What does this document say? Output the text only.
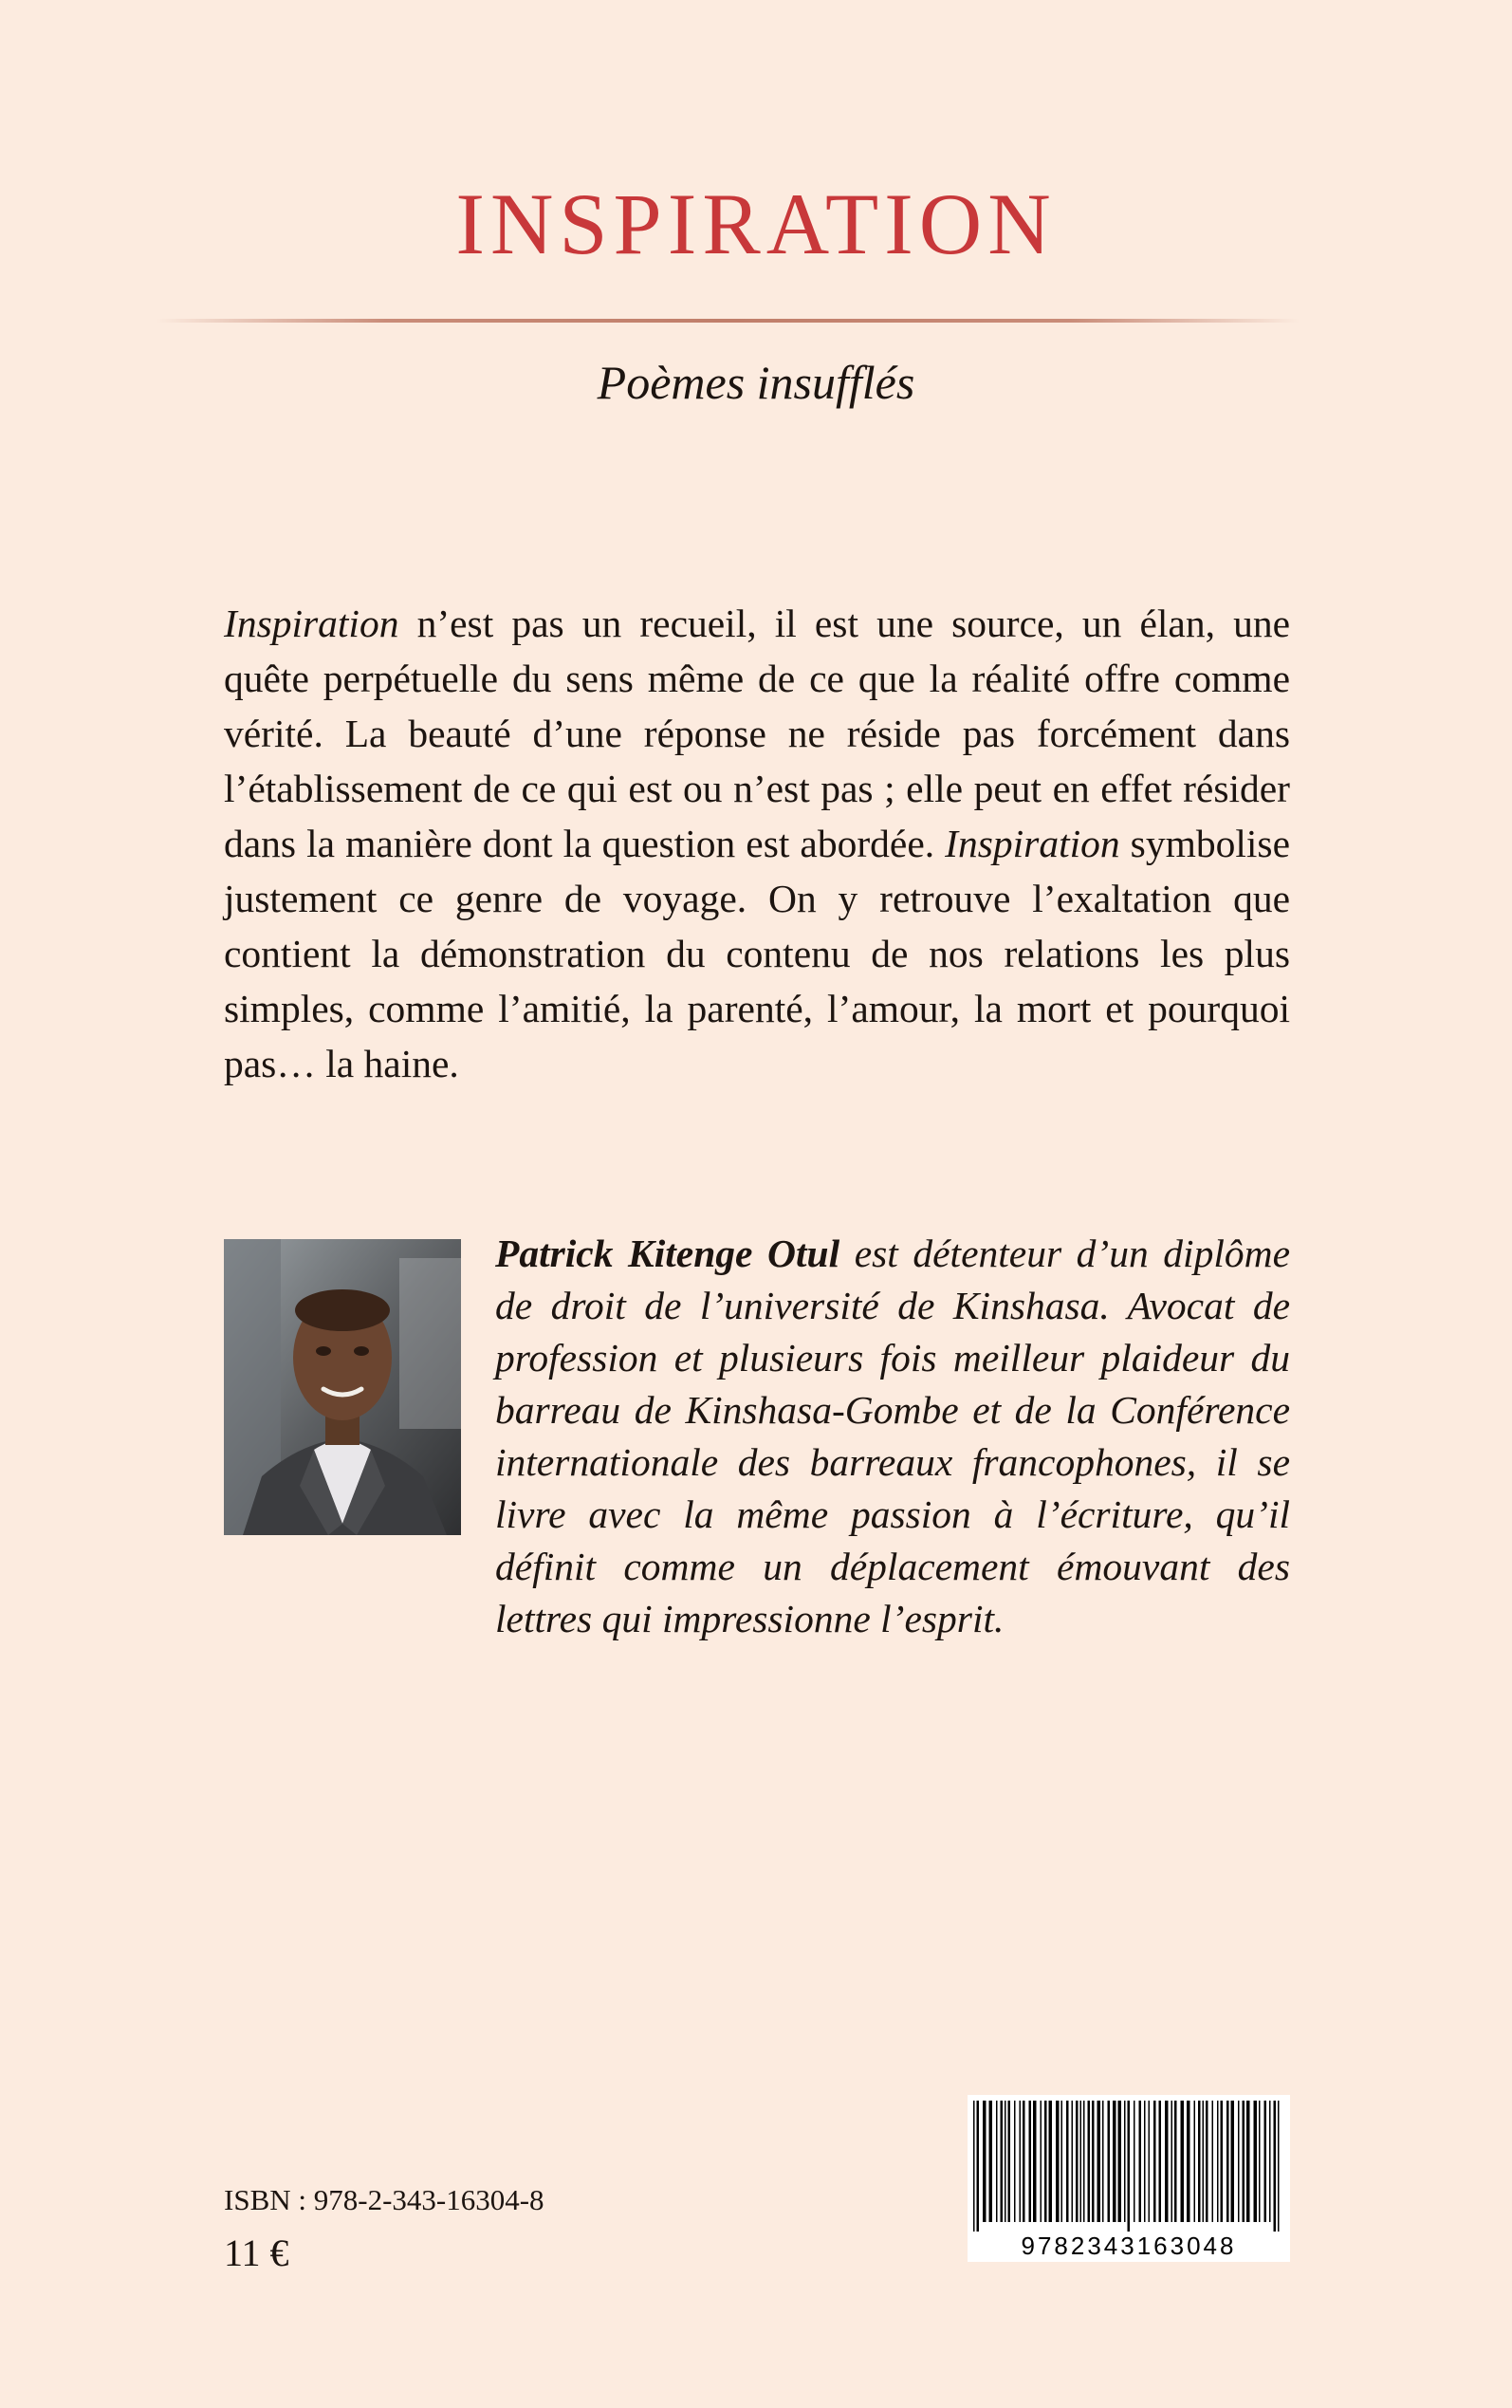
INSPIRATION
Poèmes insufflés

Inspiration n’est pas un recueil, il est une source, un élan, une quête perpétuelle du sens même de ce que la réalité offre comme vérité. La beauté d’une réponse ne réside pas forcément dans l’établissement de ce qui est ou n’est pas ; elle peut en effet résider dans la manière dont la question est abordée. Inspiration symbolise justement ce genre de voyage. On y retrouve l’exaltation que contient la démonstration du contenu de nos relations les plus simples, comme l’amitié, la parenté, l’amour, la mort et pourquoi pas… la haine.

Patrick Kitenge Otul est détenteur d’un diplôme de droit de l’université de Kinshasa. Avocat de profession et plusieurs fois meilleur plaideur du barreau de Kinshasa-Gombe et de la Conférence internationale des barreaux francophones, il se livre avec la même passion à l’écriture, qu’il définit comme un déplacement émouvant des lettres qui impressionne l’esprit.

ISBN : 978-2-343-16304-8
11 €	9782343163048
